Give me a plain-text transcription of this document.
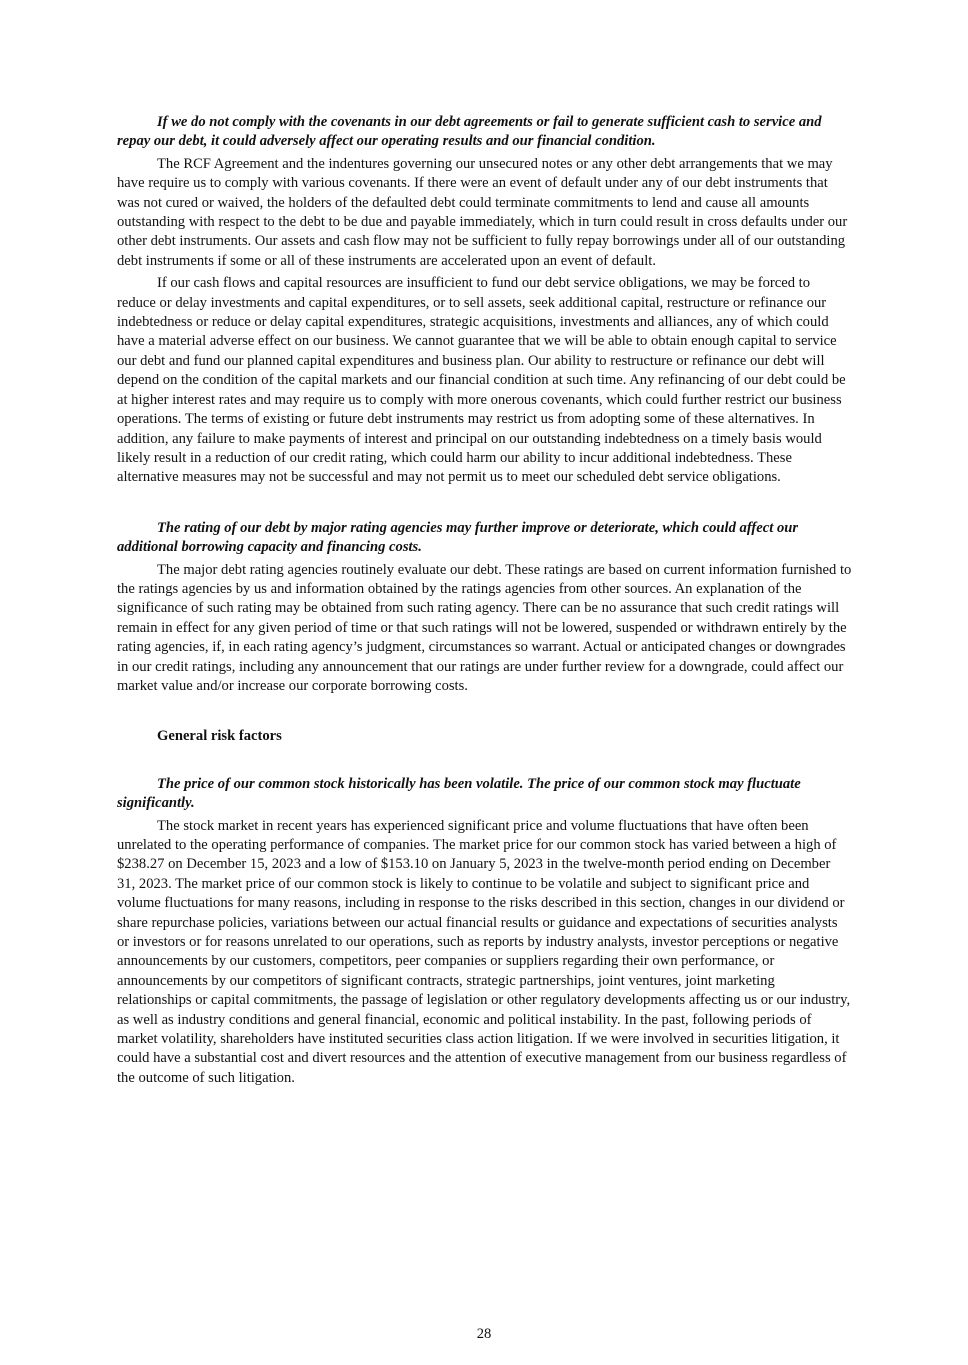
If we do not comply with the covenants in our debt agreements or fail to generate sufficient cash to service and repay our debt, it could adversely affect our operating results and our financial condition.

The RCF Agreement and the indentures governing our unsecured notes or any other debt arrangements that we may have require us to comply with various covenants. If there were an event of default under any of our debt instruments that was not cured or waived, the holders of the defaulted debt could terminate commitments to lend and cause all amounts outstanding with respect to the debt to be due and payable immediately, which in turn could result in cross defaults under our other debt instruments. Our assets and cash flow may not be sufficient to fully repay borrowings under all of our outstanding debt instruments if some or all of these instruments are accelerated upon an event of default.

If our cash flows and capital resources are insufficient to fund our debt service obligations, we may be forced to reduce or delay investments and capital expenditures, or to sell assets, seek additional capital, restructure or refinance our indebtedness or reduce or delay capital expenditures, strategic acquisitions, investments and alliances, any of which could have a material adverse effect on our business. We cannot guarantee that we will be able to obtain enough capital to service our debt and fund our planned capital expenditures and business plan. Our ability to restructure or refinance our debt will depend on the condition of the capital markets and our financial condition at such time. Any refinancing of our debt could be at higher interest rates and may require us to comply with more onerous covenants, which could further restrict our business operations. The terms of existing or future debt instruments may restrict us from adopting some of these alternatives. In addition, any failure to make payments of interest and principal on our outstanding indebtedness on a timely basis would likely result in a reduction of our credit rating, which could harm our ability to incur additional indebtedness. These alternative measures may not be successful and may not permit us to meet our scheduled debt service obligations.

The rating of our debt by major rating agencies may further improve or deteriorate, which could affect our additional borrowing capacity and financing costs.

The major debt rating agencies routinely evaluate our debt. These ratings are based on current information furnished to the ratings agencies by us and information obtained by the ratings agencies from other sources. An explanation of the significance of such rating may be obtained from such rating agency. There can be no assurance that such credit ratings will remain in effect for any given period of time or that such ratings will not be lowered, suspended or withdrawn entirely by the rating agencies, if, in each rating agency’s judgment, circumstances so warrant. Actual or anticipated changes or downgrades in our credit ratings, including any announcement that our ratings are under further review for a downgrade, could affect our market value and/or increase our corporate borrowing costs.

General risk factors

The price of our common stock historically has been volatile. The price of our common stock may fluctuate significantly.

The stock market in recent years has experienced significant price and volume fluctuations that have often been unrelated to the operating performance of companies. The market price for our common stock has varied between a high of $238.27 on December 15, 2023 and a low of $153.10 on January 5, 2023 in the twelve-month period ending on December 31, 2023. The market price of our common stock is likely to continue to be volatile and subject to significant price and volume fluctuations for many reasons, including in response to the risks described in this section, changes in our dividend or share repurchase policies, variations between our actual financial results or guidance and expectations of securities analysts or investors or for reasons unrelated to our operations, such as reports by industry analysts, investor perceptions or negative announcements by our customers, competitors, peer companies or suppliers regarding their own performance, or announcements by our competitors of significant contracts, strategic partnerships, joint ventures, joint marketing relationships or capital commitments, the passage of legislation or other regulatory developments affecting us or our industry, as well as industry conditions and general financial, economic and political instability. In the past, following periods of market volatility, shareholders have instituted securities class action litigation. If we were involved in securities litigation, it could have a substantial cost and divert resources and the attention of executive management from our business regardless of the outcome of such litigation.

28
